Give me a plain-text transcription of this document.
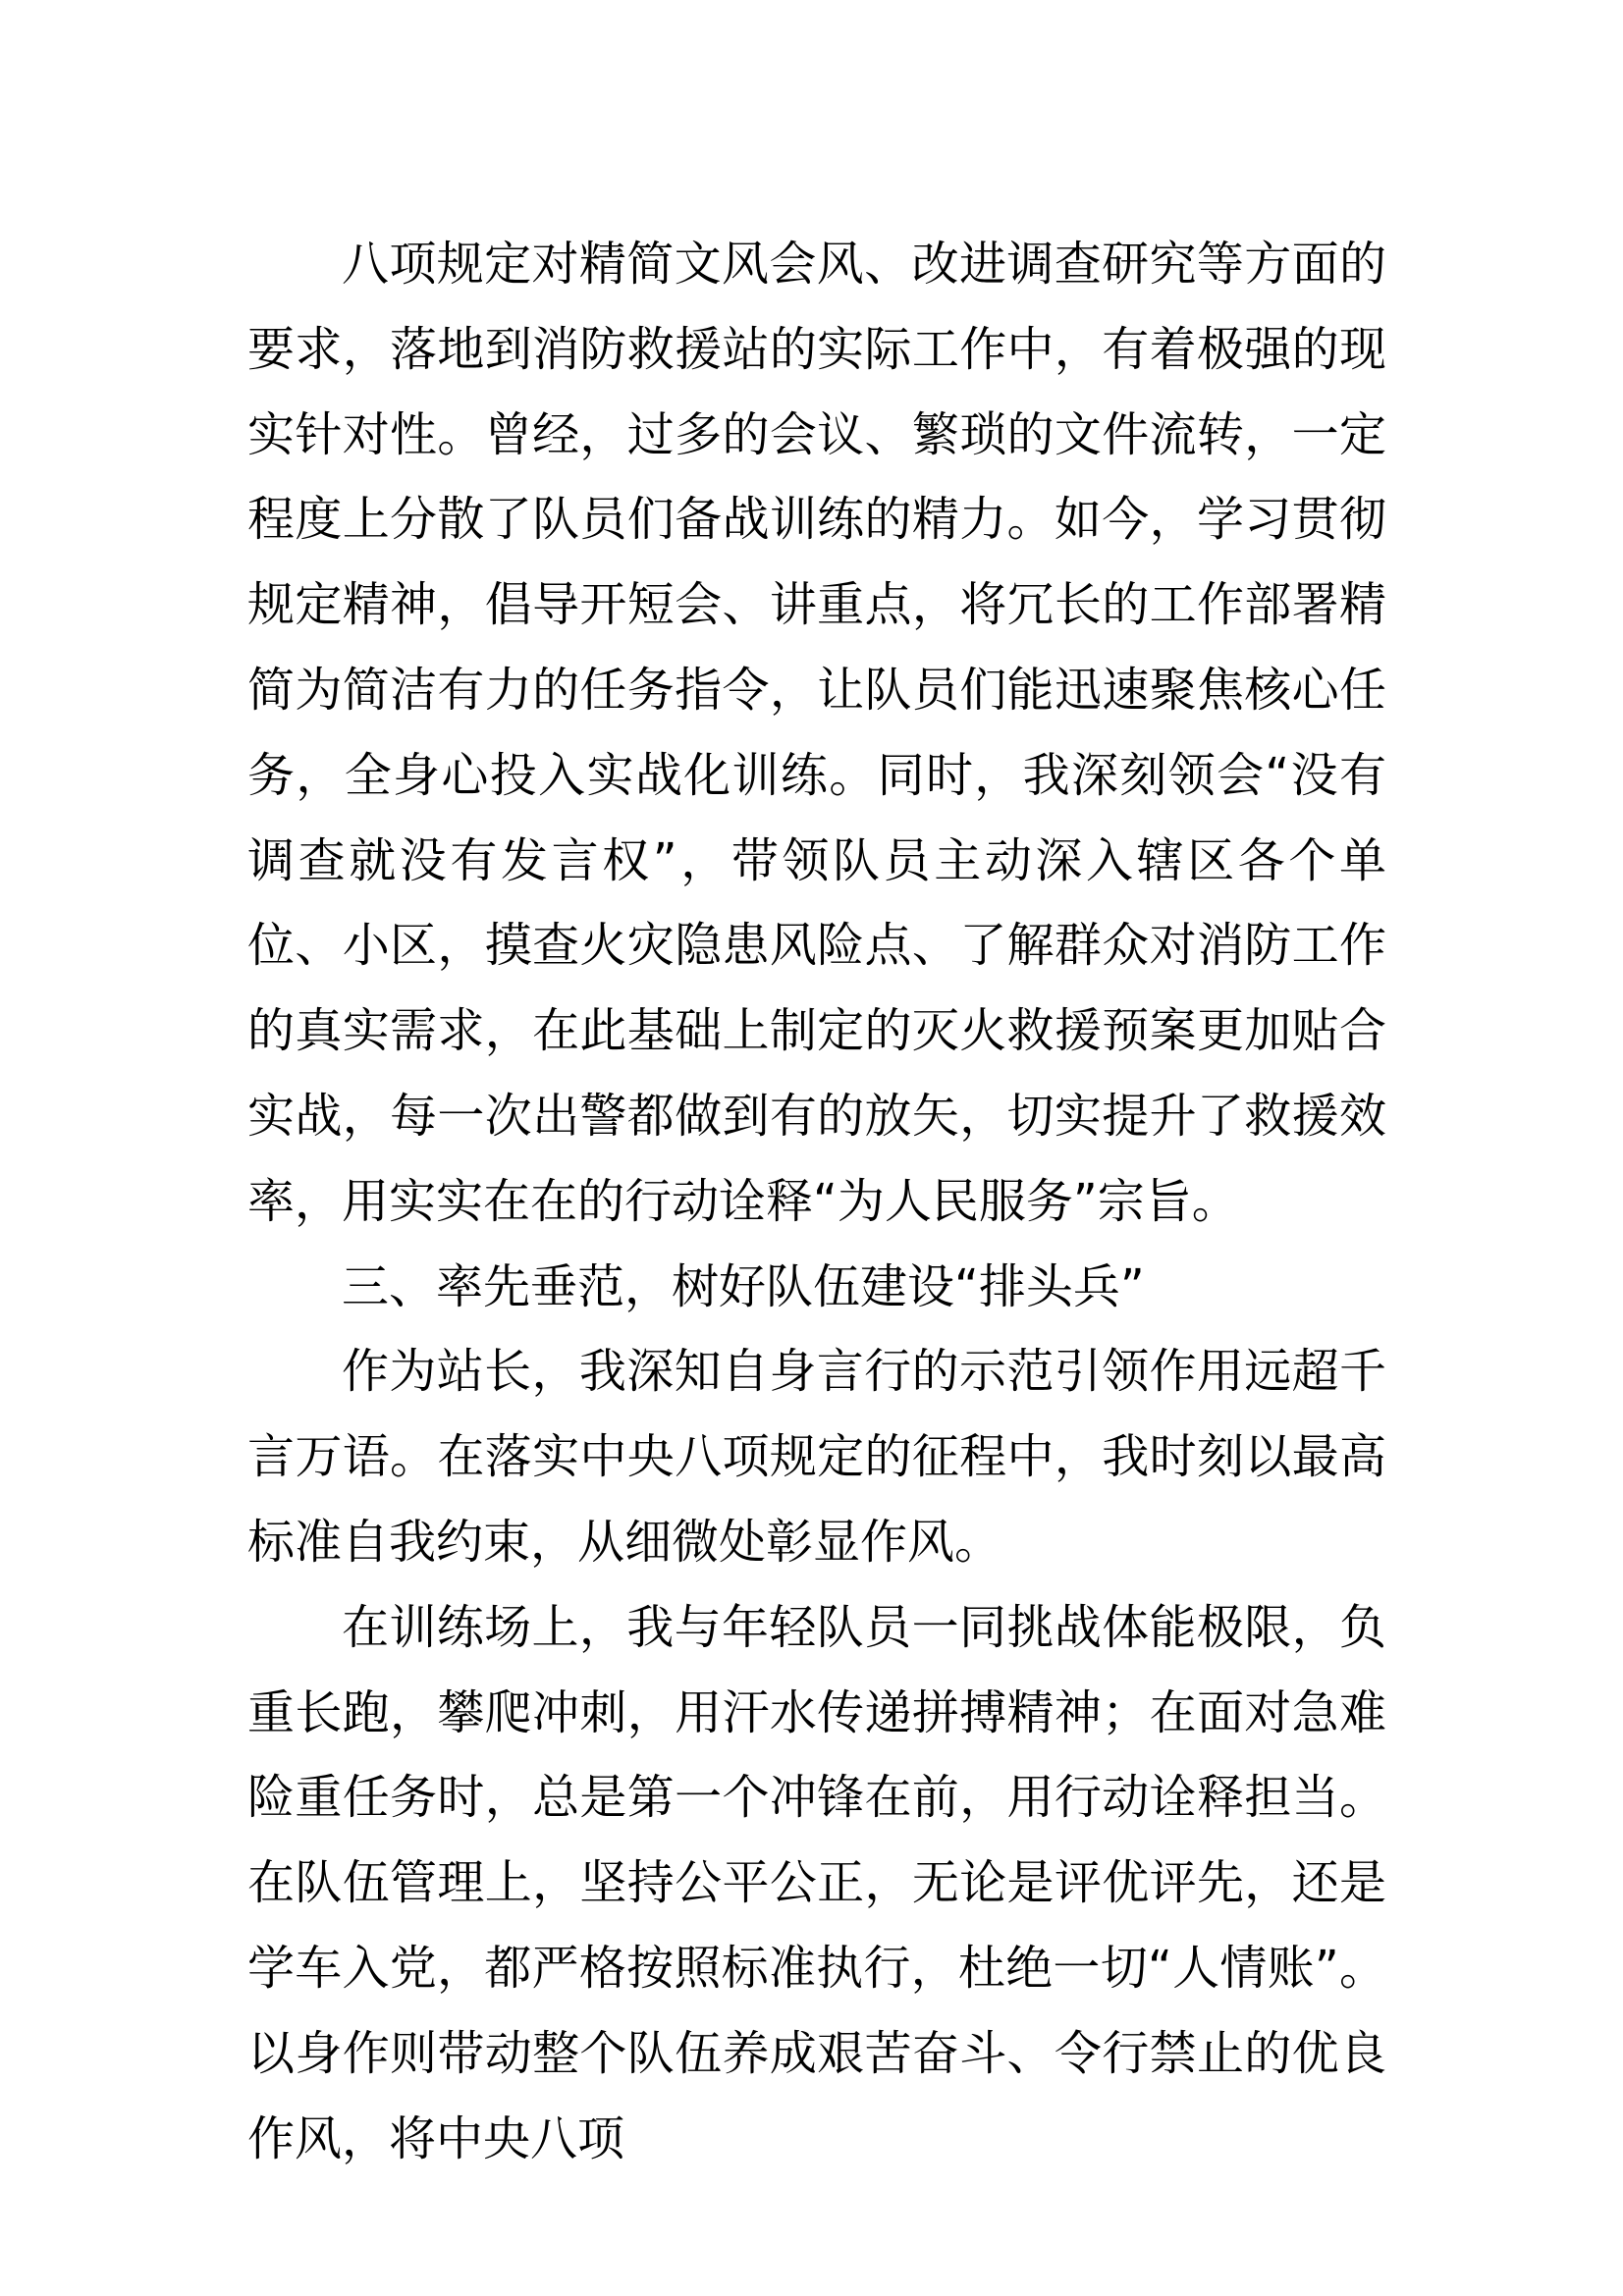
八项规定对精简文风会风、改进调查研究等方面的要求，落地到消防救援站的实际工作中，有着极强的现实针对性。曾经，过多的会议、繁琐的文件流转，一定程度上分散了队员们备战训练的精力。如今，学习贯彻规定精神，倡导开短会、讲重点，将冗长的工作部署精简为简洁有力的任务指令，让队员们能迅速聚焦核心任务，全身心投入实战化训练。同时，我深刻领会“没有调查就没有发言权”，带领队员主动深入辖区各个单位、小区，摸查火灾隐患风险点、了解群众对消防工作的真实需求，在此基础上制定的灭火救援预案更加贴合实战，每一次出警都做到有的放矢，切实提升了救援效率，用实实在在的行动诠释“为人民服务”宗旨。

三、率先垂范，树好队伍建设“排头兵”

作为站长，我深知自身言行的示范引领作用远超千言万语。在落实中央八项规定的征程中，我时刻以最高标准自我约束，从细微处彰显作风。

在训练场上，我与年轻队员一同挑战体能极限，负重长跑，攀爬冲刺，用汗水传递拼搏精神；在面对急难险重任务时，总是第一个冲锋在前，用行动诠释担当。在队伍管理上，坚持公平公正，无论是评优评先，还是学车入党，都严格按照标准执行，杜绝一切“人情账”。以身作则带动整个队伍养成艰苦奋斗、令行禁止的优良作风，将中央八项
